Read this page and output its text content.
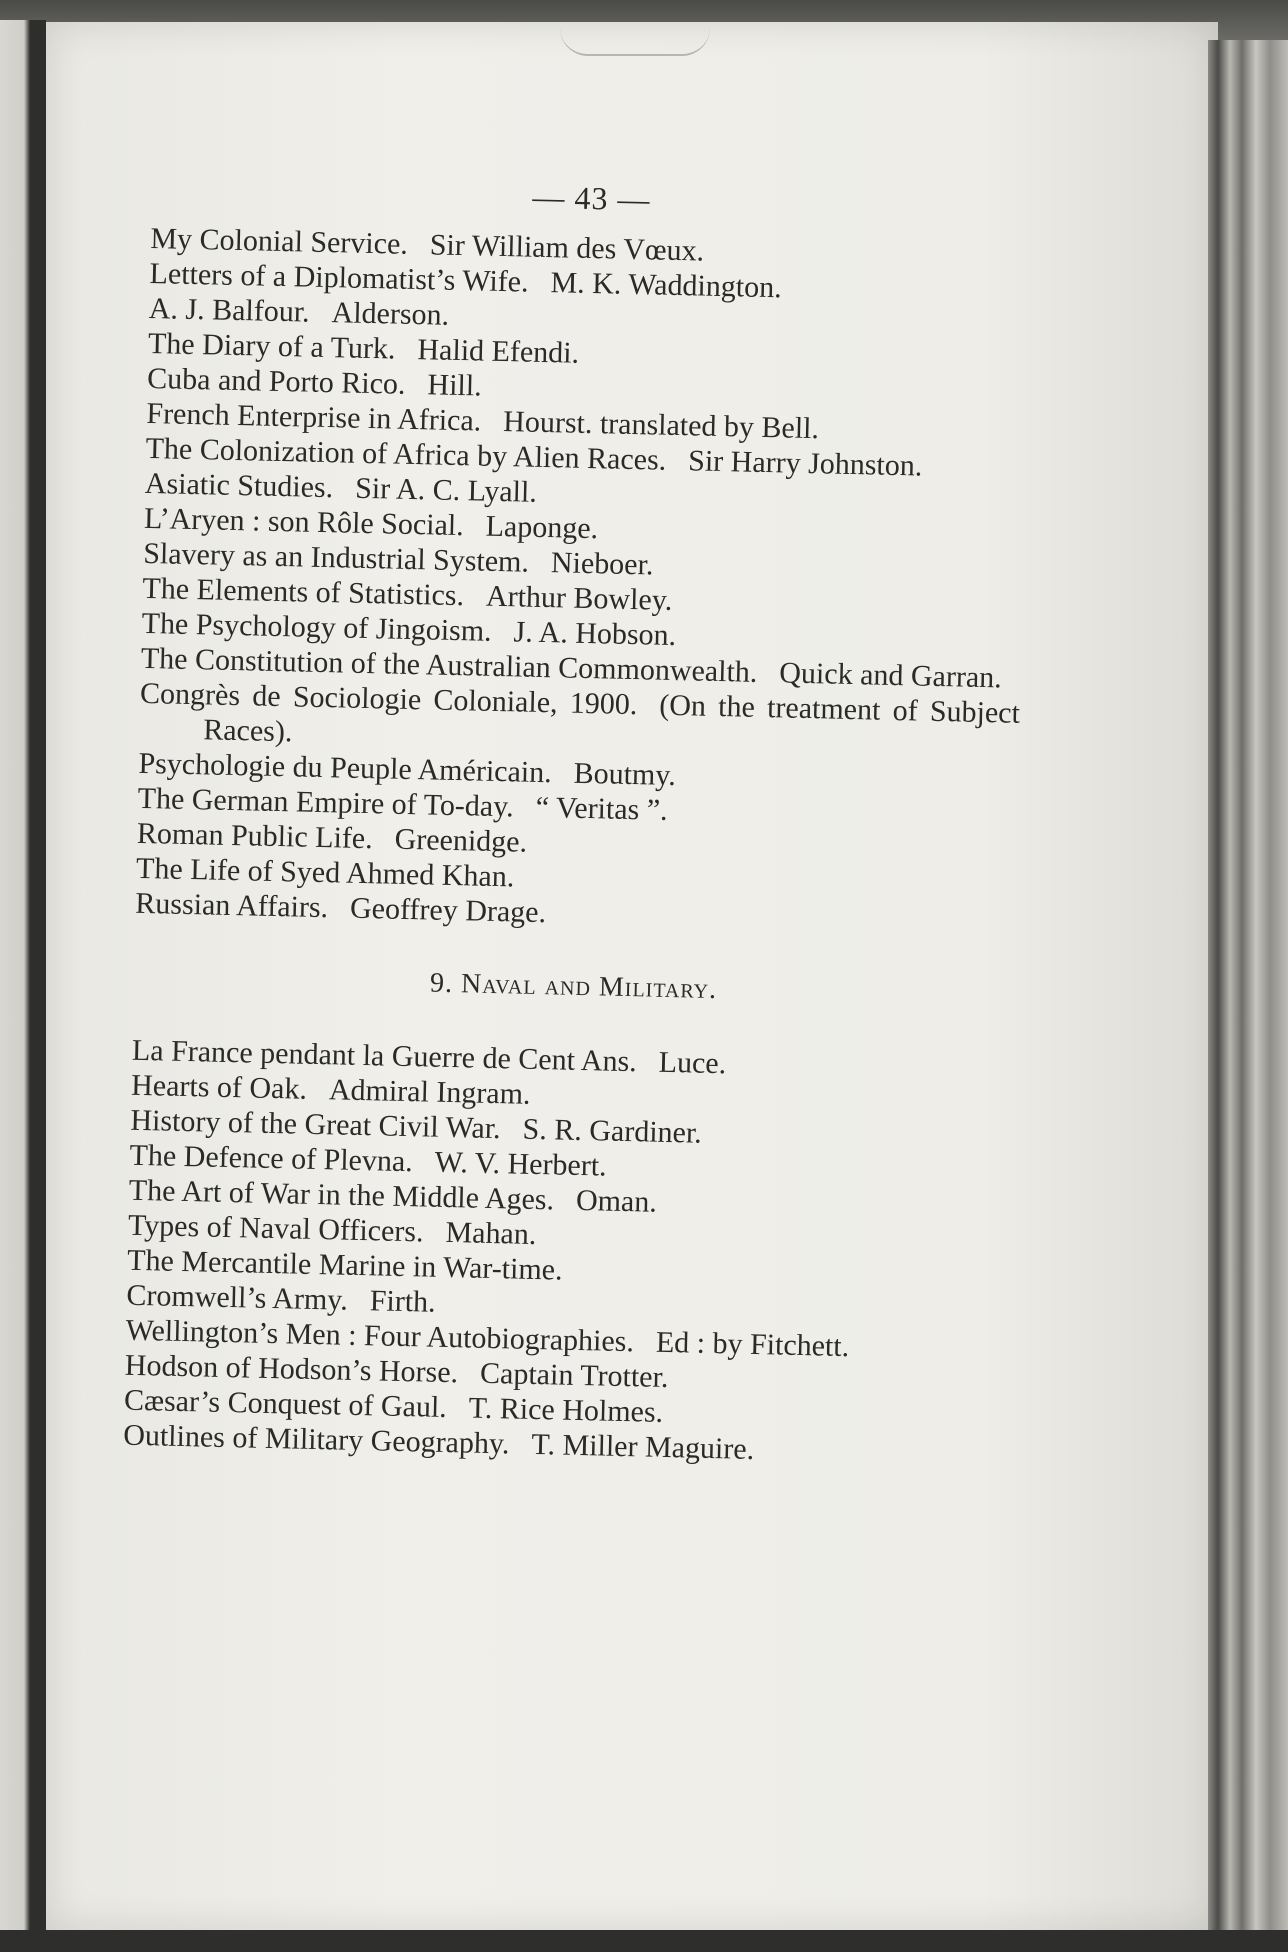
— 43 —

My Colonial Service. Sir William des Vœux.

Letters of a Diplomatist’s Wife. M. K. Waddington.

A. J. Balfour. Alderson.

The Diary of a Turk. Halid Efendi.

Cuba and Porto Rico. Hill.

French Enterprise in Africa. Hourst. translated by Bell.

The Colonization of Africa by Alien Races. Sir Harry Johnston.

Asiatic Studies. Sir A. C. Lyall.

L’Aryen : son Rôle Social. Laponge.

Slavery as an Industrial System. Nieboer.

The Elements of Statistics. Arthur Bowley.

The Psychology of Jingoism. J. A. Hobson.

The Constitution of the Australian Commonwealth. Quick and Garran.

Congrès de Sociologie Coloniale, 1900. (On the treatment of Subject Races).

Psychologie du Peuple Américain. Boutmy.

The German Empire of To-day. “ Veritas ”.

Roman Public Life. Greenidge.

The Life of Syed Ahmed Khan.

Russian Affairs. Geoffrey Drage.

9. Naval and Military.

La France pendant la Guerre de Cent Ans. Luce.

Hearts of Oak. Admiral Ingram.

History of the Great Civil War. S. R. Gardiner.

The Defence of Plevna. W. V. Herbert.

The Art of War in the Middle Ages. Oman.

Types of Naval Officers. Mahan.

The Mercantile Marine in War-time.

Cromwell’s Army. Firth.

Wellington’s Men : Four Autobiographies. Ed : by Fitchett.

Hodson of Hodson’s Horse. Captain Trotter.

Cæsar’s Conquest of Gaul. T. Rice Holmes.

Outlines of Military Geography. T. Miller Maguire.
